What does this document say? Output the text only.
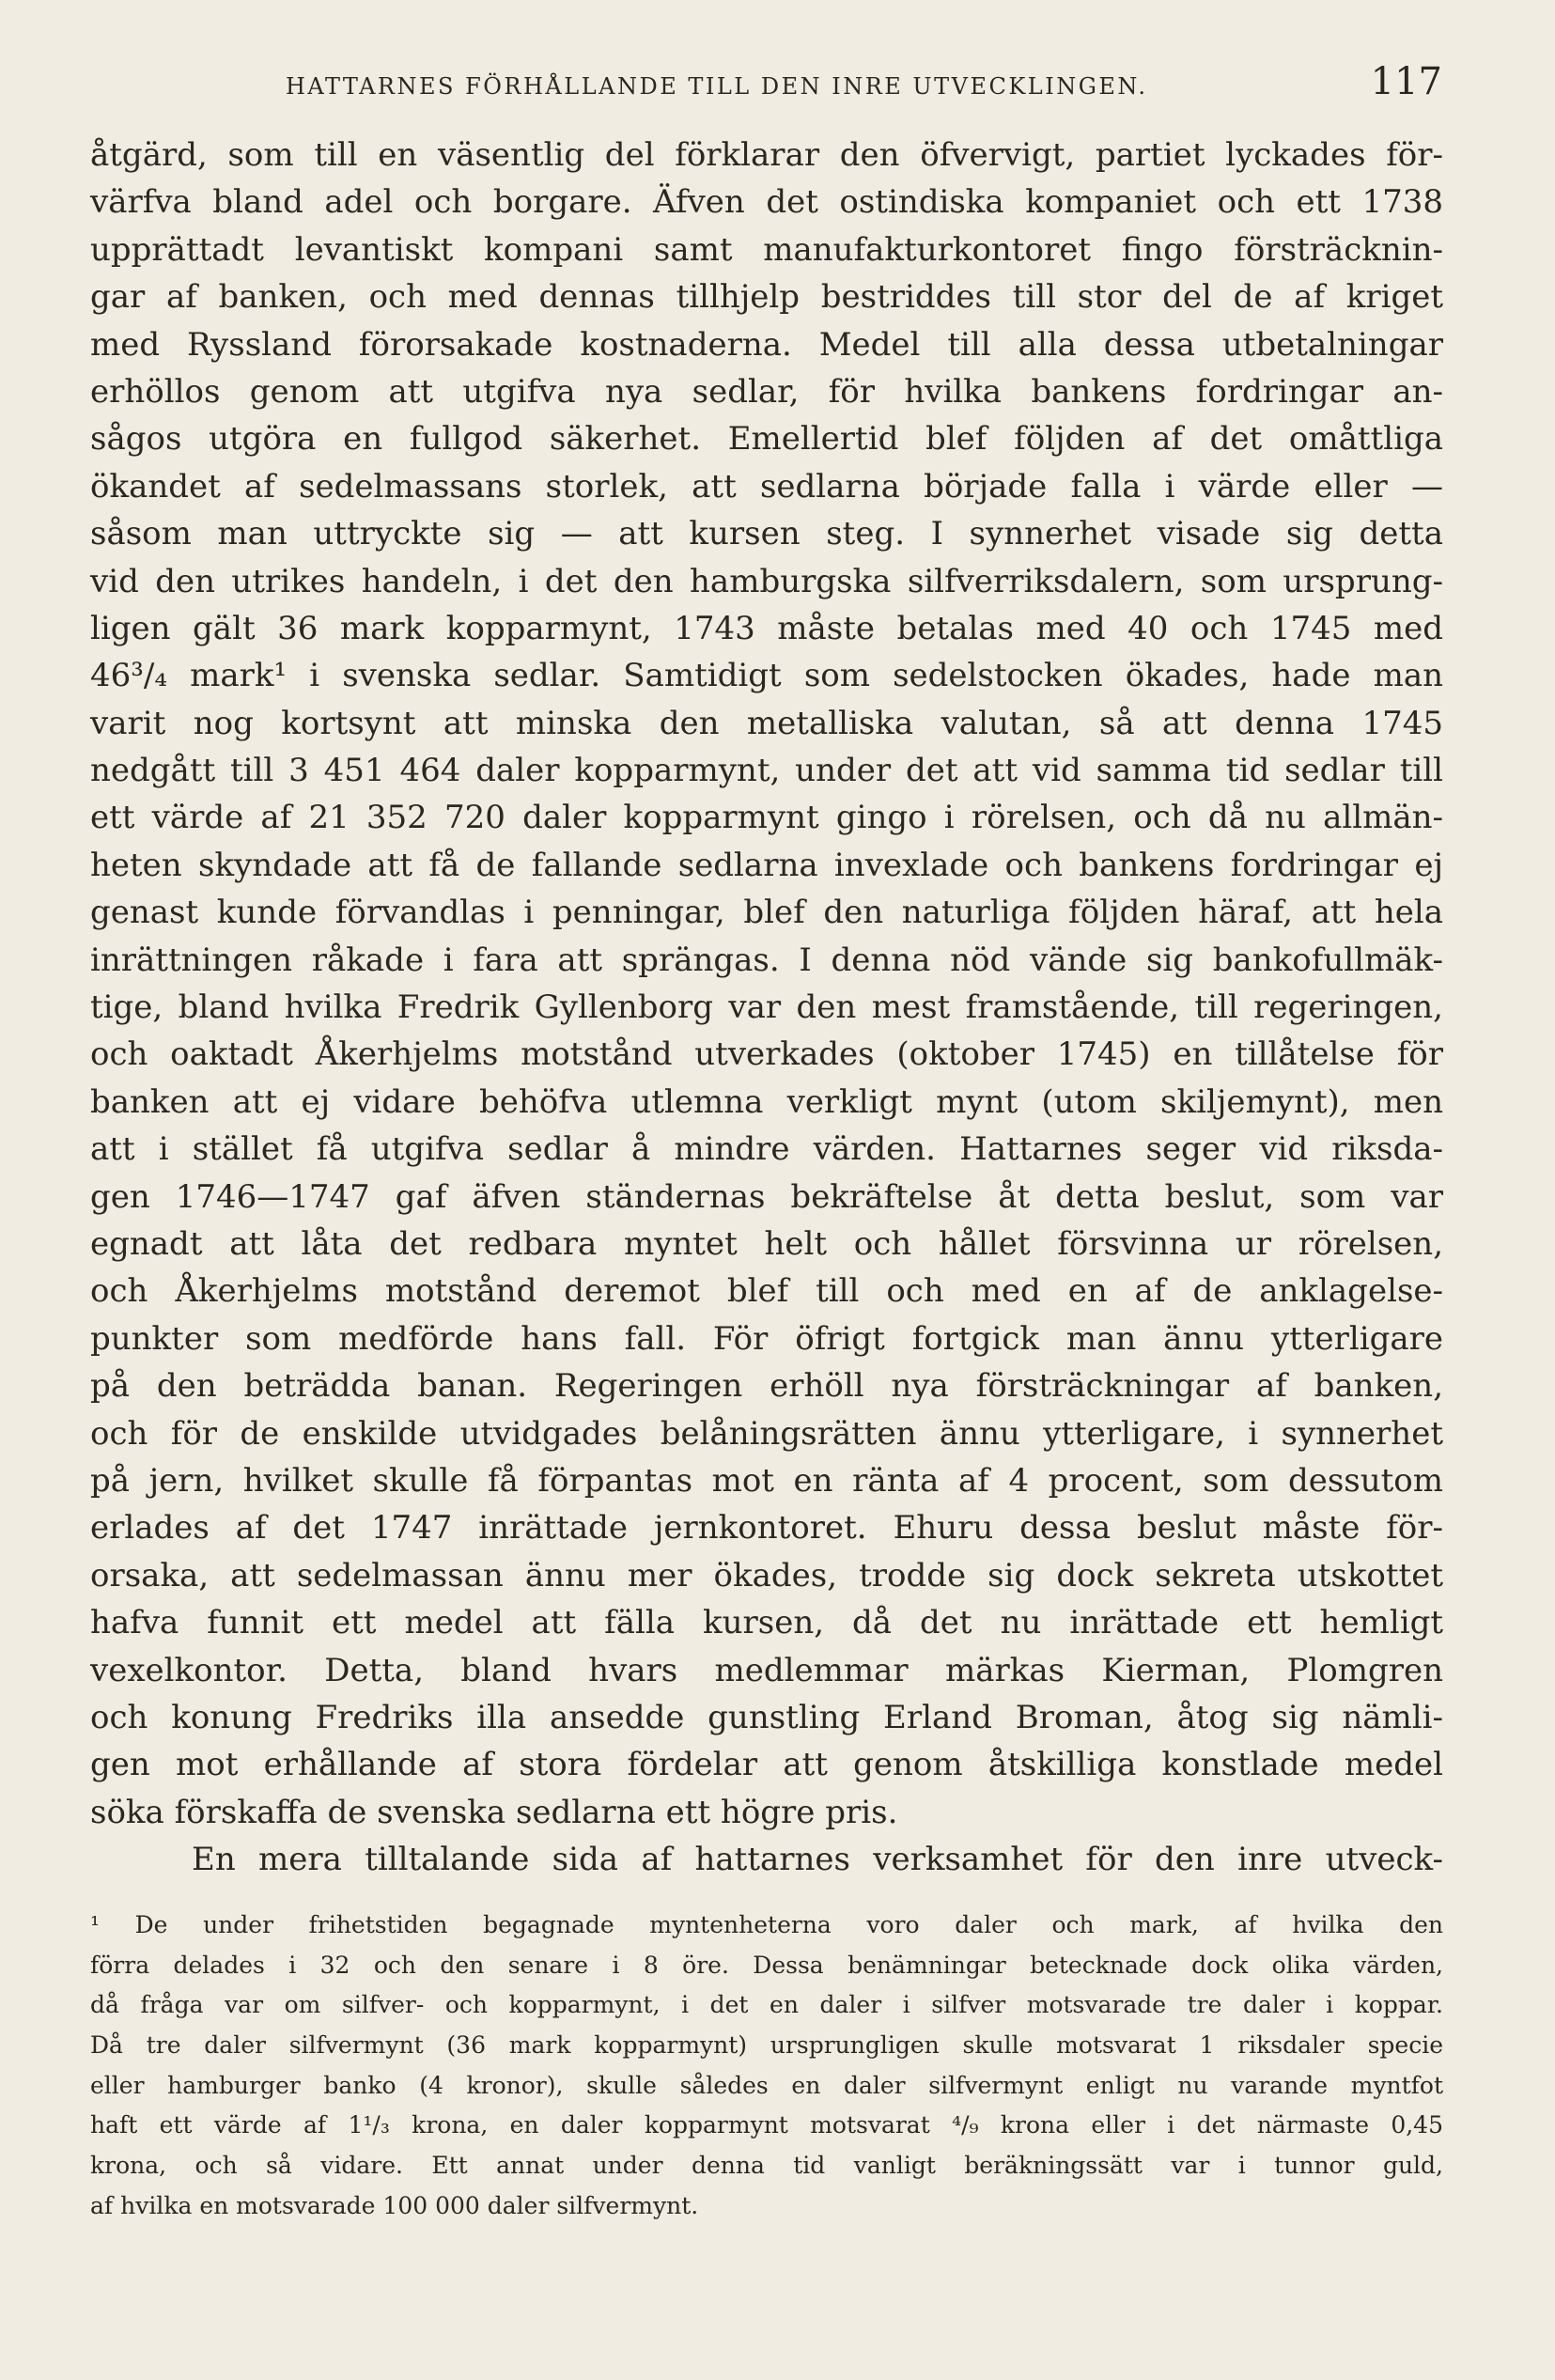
HATTARNES FÖRHÅLLANDE TILL DEN INRE UTVECKLINGEN.	117
åtgärd, som till en väsentlig del förklarar den öfvervigt, partiet lyckades för-
värfva bland adel och borgare. Äfven det ostindiska kompaniet och ett 1738
upprättadt levantiskt kompani samt manufakturkontoret fingo försträcknin-
gar af banken, och med dennas tillhjelp bestriddes till stor del de af kriget
med Ryssland förorsakade kostnaderna. Medel till alla dessa utbetalningar
erhöllos genom att utgifva nya sedlar, för hvilka bankens fordringar an-
sågos utgöra en fullgod säkerhet. Emellertid blef följden af det omåttliga
ökandet af sedelmassans storlek, att sedlarna började falla i värde eller —
såsom man uttryckte sig — att kursen steg. I synnerhet visade sig detta
vid den utrikes handeln, i det den hamburgska silfverriksdalern, som ursprung-
ligen gält 36 mark kopparmynt, 1743 måste betalas med 40 och 1745 med
46³/₄ mark¹ i svenska sedlar. Samtidigt som sedelstocken ökades, hade man
varit nog kortsynt att minska den metalliska valutan, så att denna 1745
nedgått till 3 451 464 daler kopparmynt, under det att vid samma tid sedlar till
ett värde af 21 352 720 daler kopparmynt gingo i rörelsen, och då nu allmän-
heten skyndade att få de fallande sedlarna invexlade och bankens fordringar ej
genast kunde förvandlas i penningar, blef den naturliga följden häraf, att hela
inrättningen råkade i fara att sprängas. I denna nöd vände sig bankofullmäk-
tige, bland hvilka Fredrik Gyllenborg var den mest framstående, till regeringen,
och oaktadt Åkerhjelms motstånd utverkades (oktober 1745) en tillåtelse för
banken att ej vidare behöfva utlemna verkligt mynt (utom skiljemynt), men
att i stället få utgifva sedlar å mindre värden. Hattarnes seger vid riksda-
gen 1746—1747 gaf äfven ständernas bekräftelse åt detta beslut, som var
egnadt att låta det redbara myntet helt och hållet försvinna ur rörelsen,
och Åkerhjelms motstånd deremot blef till och med en af de anklagelse-
punkter som medförde hans fall. För öfrigt fortgick man ännu ytterligare
på den beträdda banan. Regeringen erhöll nya försträckningar af banken,
och för de enskilde utvidgades belåningsrätten ännu ytterligare, i synnerhet
på jern, hvilket skulle få förpantas mot en ränta af 4 procent, som dessutom
erlades af det 1747 inrättade jernkontoret. Ehuru dessa beslut måste för-
orsaka, att sedelmassan ännu mer ökades, trodde sig dock sekreta utskottet
hafva funnit ett medel att fälla kursen, då det nu inrättade ett hemligt
vexelkontor. Detta, bland hvars medlemmar märkas Kierman, Plomgren
och konung Fredriks illa ansedde gunstling Erland Broman, åtog sig nämli-
gen mot erhållande af stora fördelar att genom åtskilliga konstlade medel
söka förskaffa de svenska sedlarna ett högre pris.
En mera tilltalande sida af hattarnes verksamhet för den inre utveck-
¹ De under frihetstiden begagnade myntenheterna voro daler och mark, af hvilka den
förra delades i 32 och den senare i 8 öre. Dessa benämningar betecknade dock olika värden,
då fråga var om silfver- och kopparmynt, i det en daler i silfver motsvarade tre daler i koppar.
Då tre daler silfvermynt (36 mark kopparmynt) ursprungligen skulle motsvarat 1 riksdaler specie
eller hamburger banko (4 kronor), skulle således en daler silfvermynt enligt nu varande myntfot
haft ett värde af 1¹/₃ krona, en daler kopparmynt motsvarat ⁴/₉ krona eller i det närmaste 0,45
krona, och så vidare. Ett annat under denna tid vanligt beräkningssätt var i tunnor guld,
af hvilka en motsvarade 100 000 daler silfvermynt.
